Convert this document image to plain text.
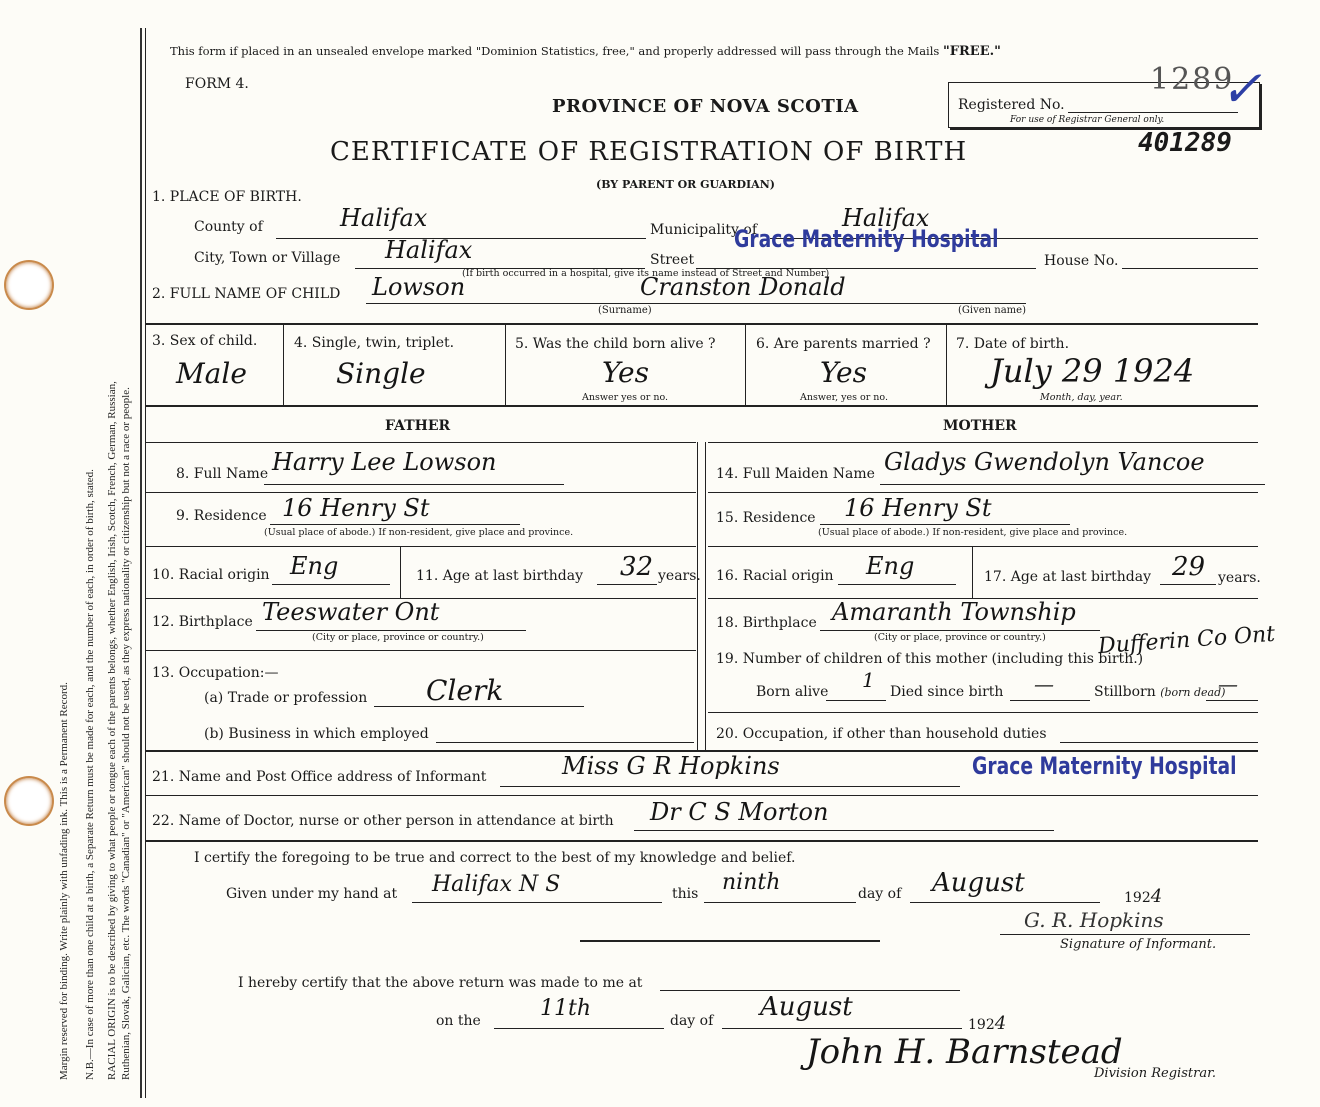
Margin reserved for binding. Write plainly with unfading ink. This is a Permanent Record. N.B.—In case of more than one child at a birth, a Separate Return must be made for each, and the number of each, in order of birth, stated. RACIAL ORIGIN is to be described by giving to what people or tongue each of the parents belongs, whether English, Irish, Scotch, French, German, Russian, Ruthenian, Slovak, Galician, etc. The words "Canadian" or "American" should not be used, as they express nationality or citizenship but not a race or people.
This form if placed in an unsealed envelope marked "Dominion Statistics, free," and properly addressed will pass through the Mails "FREE."
FORM 4.
PROVINCE OF NOVA SCOTIA
CERTIFICATE OF REGISTRATION OF BIRTH
(BY PARENT OR GUARDIAN)
Registered No.
For use of Registrar General only.
1289
✓
401289
1. PLACE OF BIRTH.
County of	Halifax	Municipality of	Halifax
City, Town or Village Halifax	Street
Grace Maternity Hospital
(If birth occurred in a hospital, give its name instead of Street and Number)
House No.
2. FULL NAME OF CHILD Lowson	Cranston Donald
(Surname)	(Given name)
3. Sex of child.
Male
4. Single, twin, triplet.
Single
5. Was the child born alive ?
Yes
Answer yes or no.
6. Are parents married ?
Yes
Answer, yes or no.
7. Date of birth.
July 29 1924
Month, day, year.
FATHER	MOTHER
8. Full Name Harry Lee Lowson	14. Full Maiden Name Gladys Gwendolyn Vancoe
9. Residence 16 Henry St
(Usual place of abode.) If non-resident, give place and province.
15. Residence 16 Henry St
(Usual place of abode.) If non-resident, give place and province.
10. Racial origin Eng	11. Age at last birthday 32 years. 16. Racial origin Eng	17. Age at last birthday 29 years.
12. Birthplace Teeswater Ont
(City or place, province or country.)
18. Birthplace Amaranth Township
(City or place, province or country.) Dufferin Co Ont
13. Occupation:—
(a) Trade or profession Clerk
(b) Business in which employed
19. Number of children of this mother (including this birth.)
Born alive 1 Died since birth —	Stillborn (born dead)
—
20. Occupation, if other than household duties
21. Name and Post Office address of Informant	Miss G R Hopkins	Grace Maternity Hospital
22. Name of Doctor, nurse or other person in attendance at birth Dr C S Morton
I certify the foregoing to be true and correct to the best of my knowledge and belief.
Given under my hand at Halifax N S	this ninth	day of August	1924
G. R. Hopkins
Signature of Informant.
I hereby certify that the above return was made to me at
on the	11th	day of August
1924
John H. Barnstead
Division Registrar.
